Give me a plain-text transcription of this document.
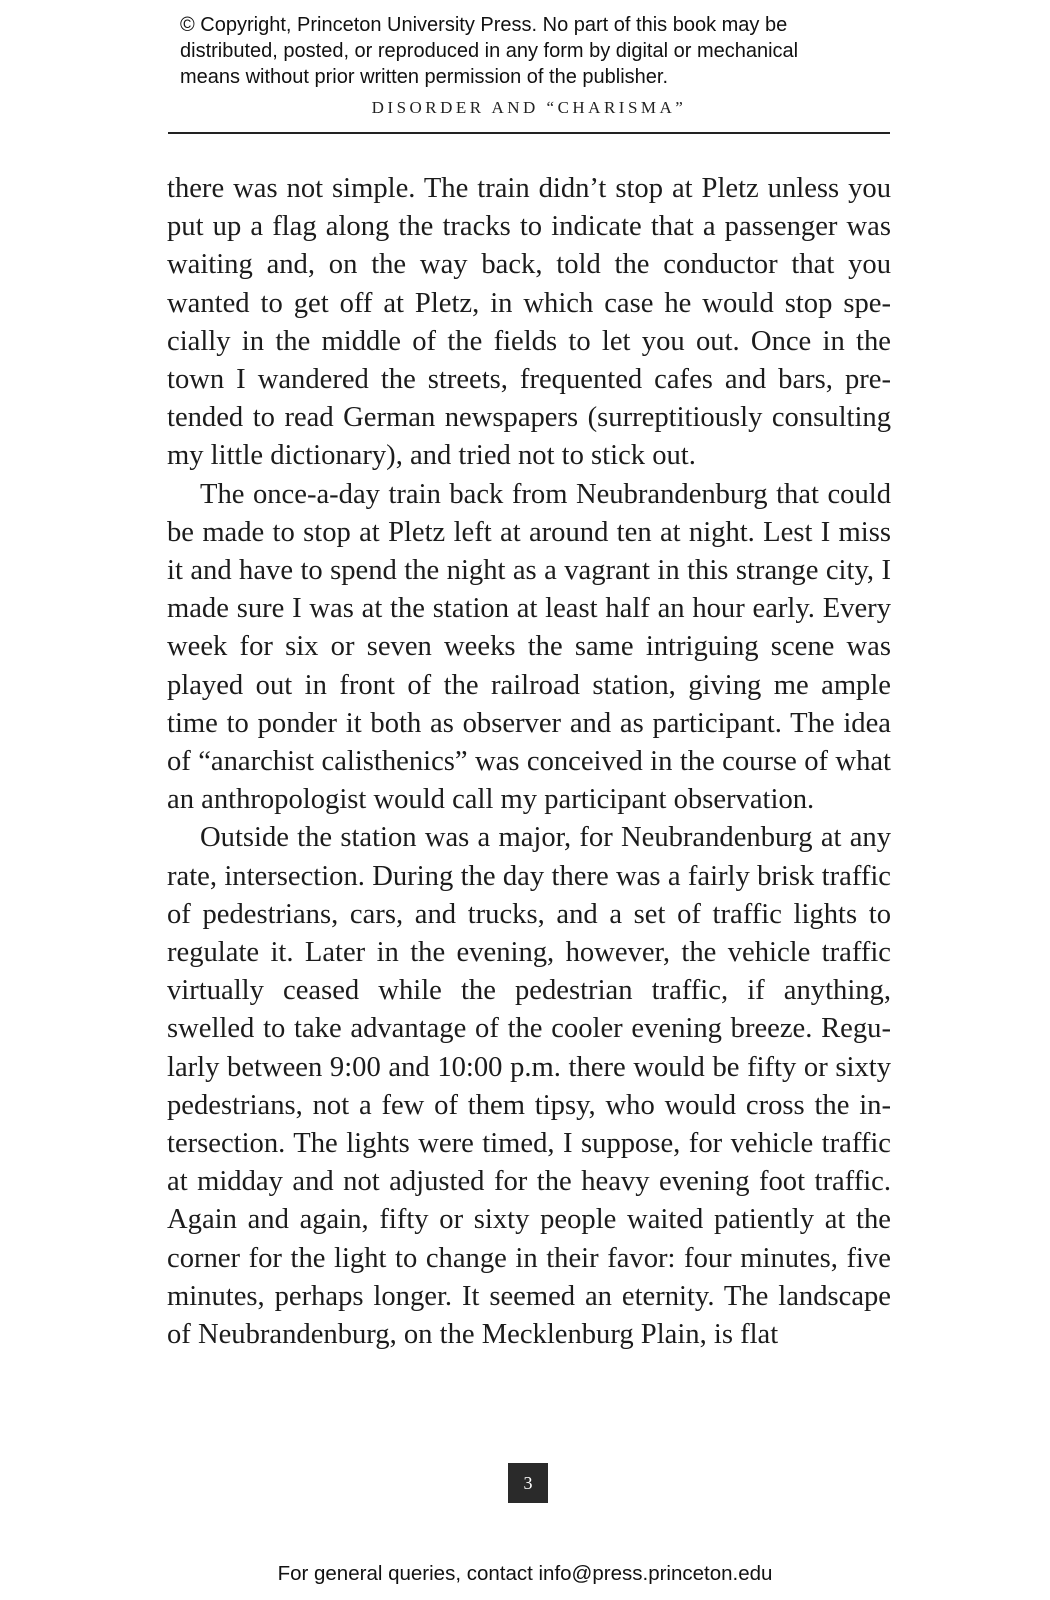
© Copyright, Princeton University Press. No part of this book may be
distributed, posted, or reproduced in any form by digital or mechanical
means without prior written permission of the publisher.
DISORDER AND “CHARISMA”

there was not simple. The train didn’t stop at Pletz unless you put up a flag along the tracks to indicate that a passenger was waiting and, on the way back, told the conductor that you wanted to get off at Pletz, in which case he would stop specially in the middle of the fields to let you out. Once in the town I wandered the streets, frequented cafes and bars, pretended to read German newspapers (surreptitiously consulting my little dictionary), and tried not to stick out.

The once-a-day train back from Neubrandenburg that could be made to stop at Pletz left at around ten at night. Lest I miss it and have to spend the night as a vagrant in this strange city, I made sure I was at the station at least half an hour early. Every week for six or seven weeks the same intriguing scene was played out in front of the railroad station, giving me ample time to ponder it both as observer and as participant. The idea of “anarchist calisthenics” was conceived in the course of what an anthropologist would call my participant observation.

Outside the station was a major, for Neubrandenburg at any rate, intersection. During the day there was a fairly brisk traffic of pedestrians, cars, and trucks, and a set of traffic lights to regulate it. Later in the evening, however, the vehicle traffic virtually ceased while the pedestrian traffic, if anything, swelled to take advantage of the cooler evening breeze. Regularly between 9:00 and 10:00 p.m. there would be fifty or sixty pedestrians, not a few of them tipsy, who would cross the intersection. The lights were timed, I suppose, for vehicle traffic at midday and not adjusted for the heavy evening foot traffic. Again and again, fifty or sixty people waited patiently at the corner for the light to change in their favor: four minutes, five minutes, perhaps longer. It seemed an eternity. The landscape of Neubrandenburg, on the Mecklenburg Plain, is flat

3
For general queries, contact info@press.princeton.edu
